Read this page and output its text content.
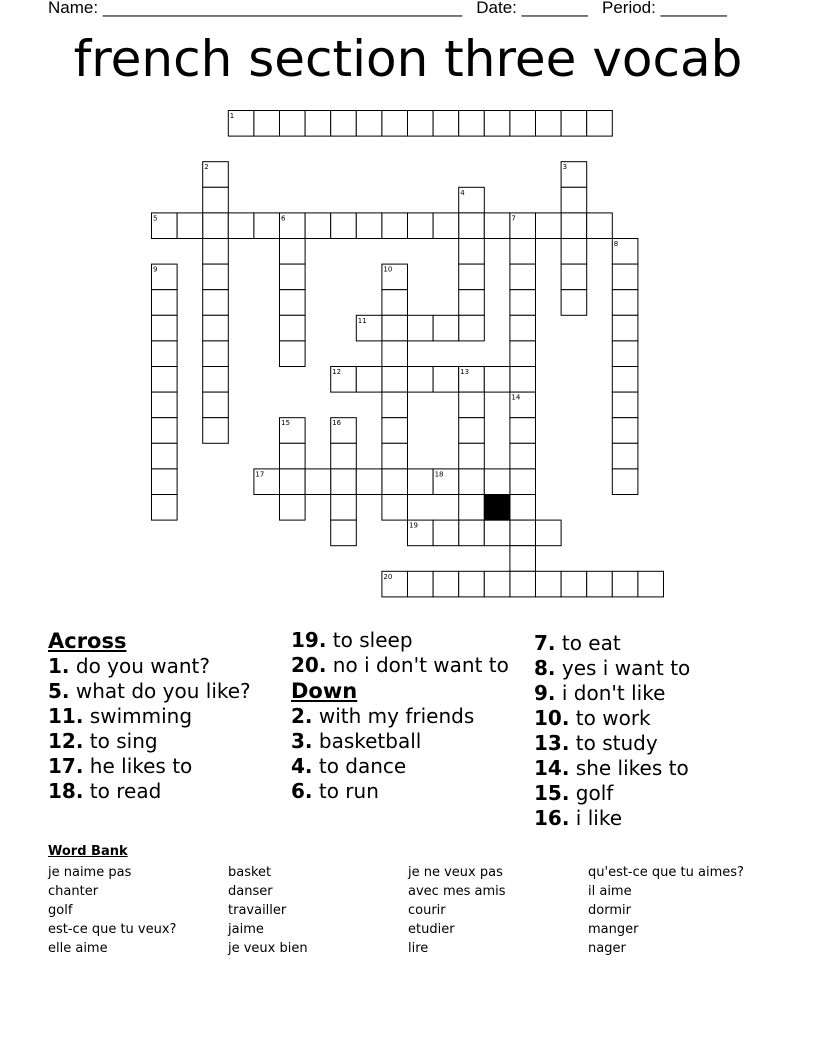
Name: ______________________________________ Date: _______ Period: _______
french section three vocab
1
2	3
4
5	6	7
8
9	10
11
12	13
14
15	16
17	18
19
20
Across
1. do you want?
5. what do you like?
11. swimming
12. to sing
17. he likes to
18. to read
19. to sleep
20. no i don't want to
Down
2. with my friends
3. basketball
4. to dance
6. to run
7. to eat
8. yes i want to
9. i don't like
10. to work
13. to study
14. she likes to
15. golf
16. i like
Word Bank
je naime pas
chanter
golf
est-ce que tu veux?
elle aime
basket
danser
travailler
jaime
je veux bien
je ne veux pas
avec mes amis
courir
etudier
lire
qu'est-ce que tu aimes?
il aime
dormir
manger
nager
